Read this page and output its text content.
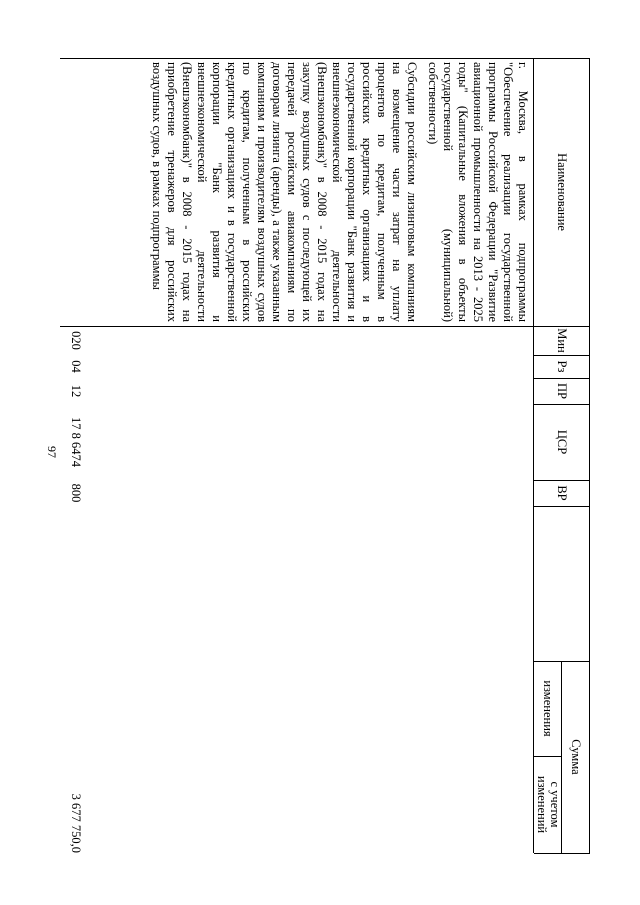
97
Наименование
Мин
Рз
ПР
ЦСР
ВР
Сумма
изменения
с учетом изменений
г. Москва, в рамках подпрограммы "Обеспечение реализации государственной программы Российской Федерации "Развитие авиационной промышленности на 2013 - 2025 годы" (Капитальные вложения в объекты государственной (муниципальной) собственности)
Субсидии российским лизинговым компаниям на возмещение части затрат на уплату процентов по кредитам, полученным в российских кредитных организациях и в государственной корпорации "Банк развития и внешнеэкономической деятельности (Внешэкономбанк)" в 2008 - 2015 годах на закупку воздушных судов с последующей их передачей российским авиакомпаниям по договорам лизинга (аренды), а также указанным компаниям и производителям воздушных судов по кредитам, полученным в российских кредитных организациях и в государственной корпорации "Банк развития и внешнеэкономической деятельности (Внешэкономбанк)" в 2008 - 2015 годах на приобретение тренажеров для российских воздушных судов, в рамках подпрограммы
020
04
12
17 8 6474
800
3 677 750,0
